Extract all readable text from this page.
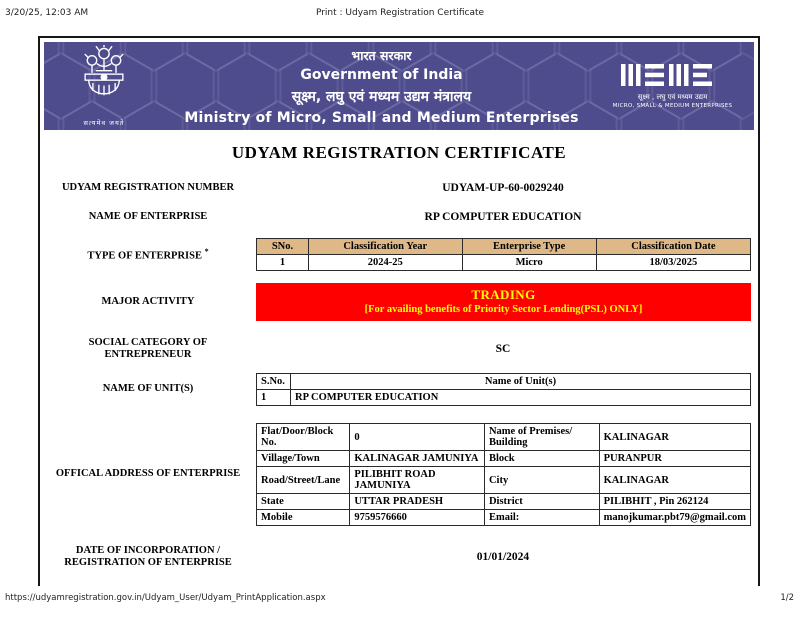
3/20/25, 12:03 AM	Print : Udyam Registration Certificate
सत्यमेव जयते
भारत सरकार
Government of India
सूक्ष्म, लघु एवं मध्यम उद्यम मंत्रालय
Ministry of Micro, Small and Medium Enterprises
सूक्ष्म , लघु एवं मध्यम उद्यम
MICRO, SMALL & MEDIUM ENTERPRISES
UDYAM REGISTRATION CERTIFICATE
UDYAM REGISTRATION NUMBER	UDYAM-UP-60-0029240
NAME OF ENTERPRISE	RP COMPUTER EDUCATION
TYPE OF ENTERPRISE *	SNo.	Classification Year	Enterprise Type	Classification Date
1	2024-25	Micro	18/03/2025
MAJOR ACTIVITY	TRADING
[For availing benefits of Priority Sector Lending(PSL) ONLY]
SOCIAL CATEGORY OF ENTREPRENEUR	SC
NAME OF UNIT(S)
S.No.	Name of Unit(s)
1	RP COMPUTER EDUCATION
OFFICAL ADDRESS OF ENTERPRISE
Flat/Door/Block No.	0	Name of Premises/ Building	KALINAGAR
Village/Town	KALINAGAR JAMUNIYA	Block	PURANPUR
Road/Street/Lane	PILIBHIT ROAD JAMUNIYA	City	KALINAGAR
State	UTTAR PRADESH	District	PILIBHIT , Pin 262124
Mobile	9759576660	Email:	manojkumar.pbt79@gmail.com
DATE OF INCORPORATION / REGISTRATION OF ENTERPRISE	01/01/2024
https://udyamregistration.gov.in/Udyam_User/Udyam_PrintApplication.aspx	1/2
